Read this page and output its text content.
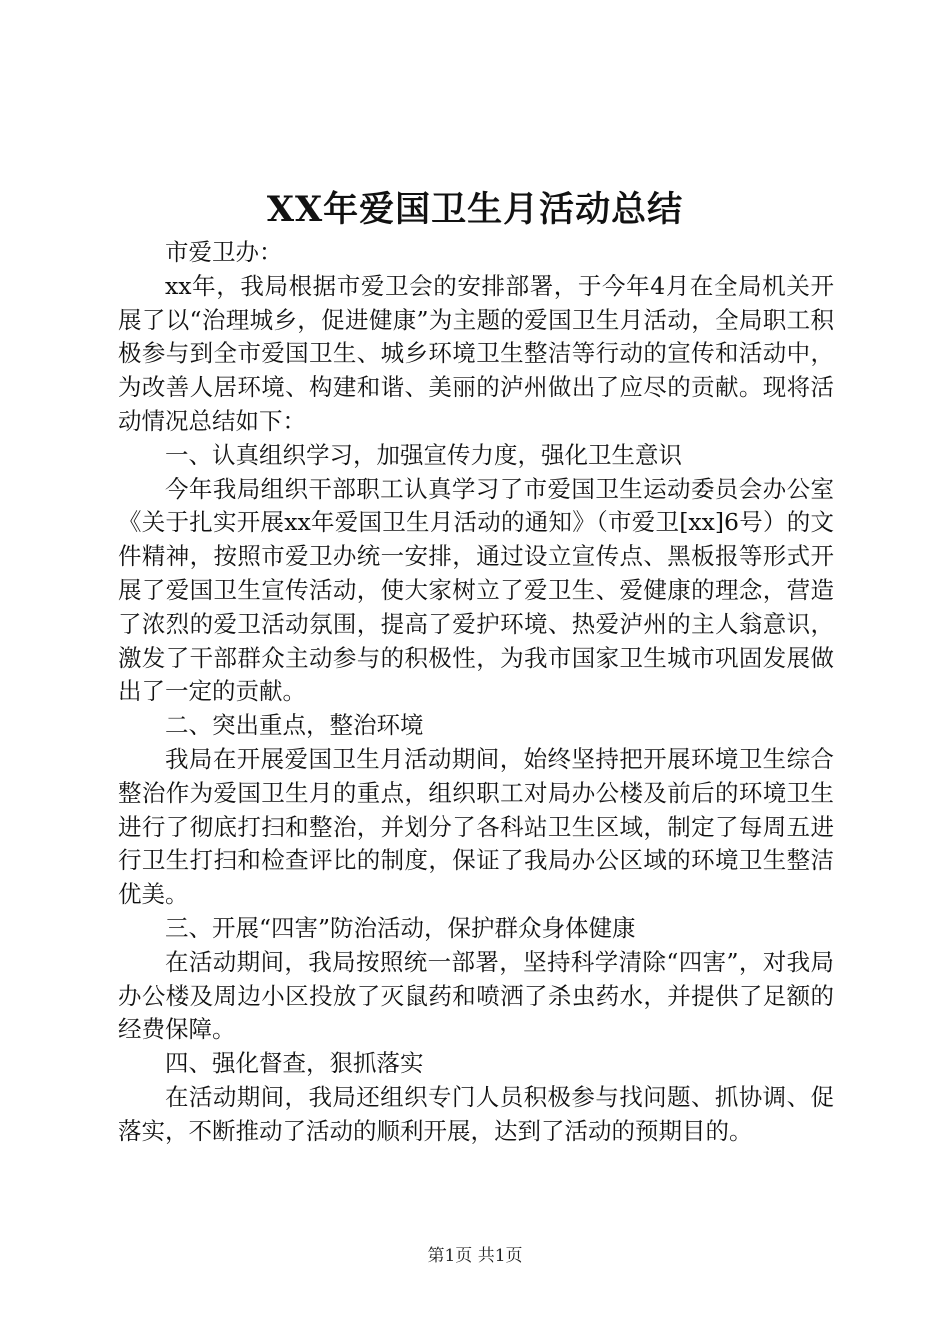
XX年爱国卫生月活动总结

市爱卫办：

xx年，我局根据市爱卫会的安排部署，于今年4月在全局机关开展了以“治理城乡，促进健康”为主题的爱国卫生月活动，全局职工积极参与到全市爱国卫生、城乡环境卫生整洁等行动的宣传和活动中，为改善人居环境、构建和谐、美丽的泸州做出了应尽的贡献。现将活动情况总结如下：

一、认真组织学习，加强宣传力度，强化卫生意识

今年我局组织干部职工认真学习了市爱国卫生运动委员会办公室《关于扎实开展xx年爱国卫生月活动的通知》（市爱卫[xx]6号）的文件精神，按照市爱卫办统一安排，通过设立宣传点、黑板报等形式开展了爱国卫生宣传活动，使大家树立了爱卫生、爱健康的理念，营造了浓烈的爱卫活动氛围，提高了爱护环境、热爱泸州的主人翁意识，激发了干部群众主动参与的积极性，为我市国家卫生城市巩固发展做出了一定的贡献。

二、突出重点，整治环境

我局在开展爱国卫生月活动期间，始终坚持把开展环境卫生综合整治作为爱国卫生月的重点，组织职工对局办公楼及前后的环境卫生进行了彻底打扫和整治，并划分了各科站卫生区域，制定了每周五进行卫生打扫和检查评比的制度，保证了我局办公区域的环境卫生整洁优美。

三、开展“四害”防治活动，保护群众身体健康

在活动期间，我局按照统一部署，坚持科学清除“四害”，对我局办公楼及周边小区投放了灭鼠药和喷洒了杀虫药水，并提供了足额的经费保障。

四、强化督查，狠抓落实

在活动期间，我局还组织专门人员积极参与找问题、抓协调、促落实，不断推动了活动的顺利开展，达到了活动的预期目的。

第1页 共1页
